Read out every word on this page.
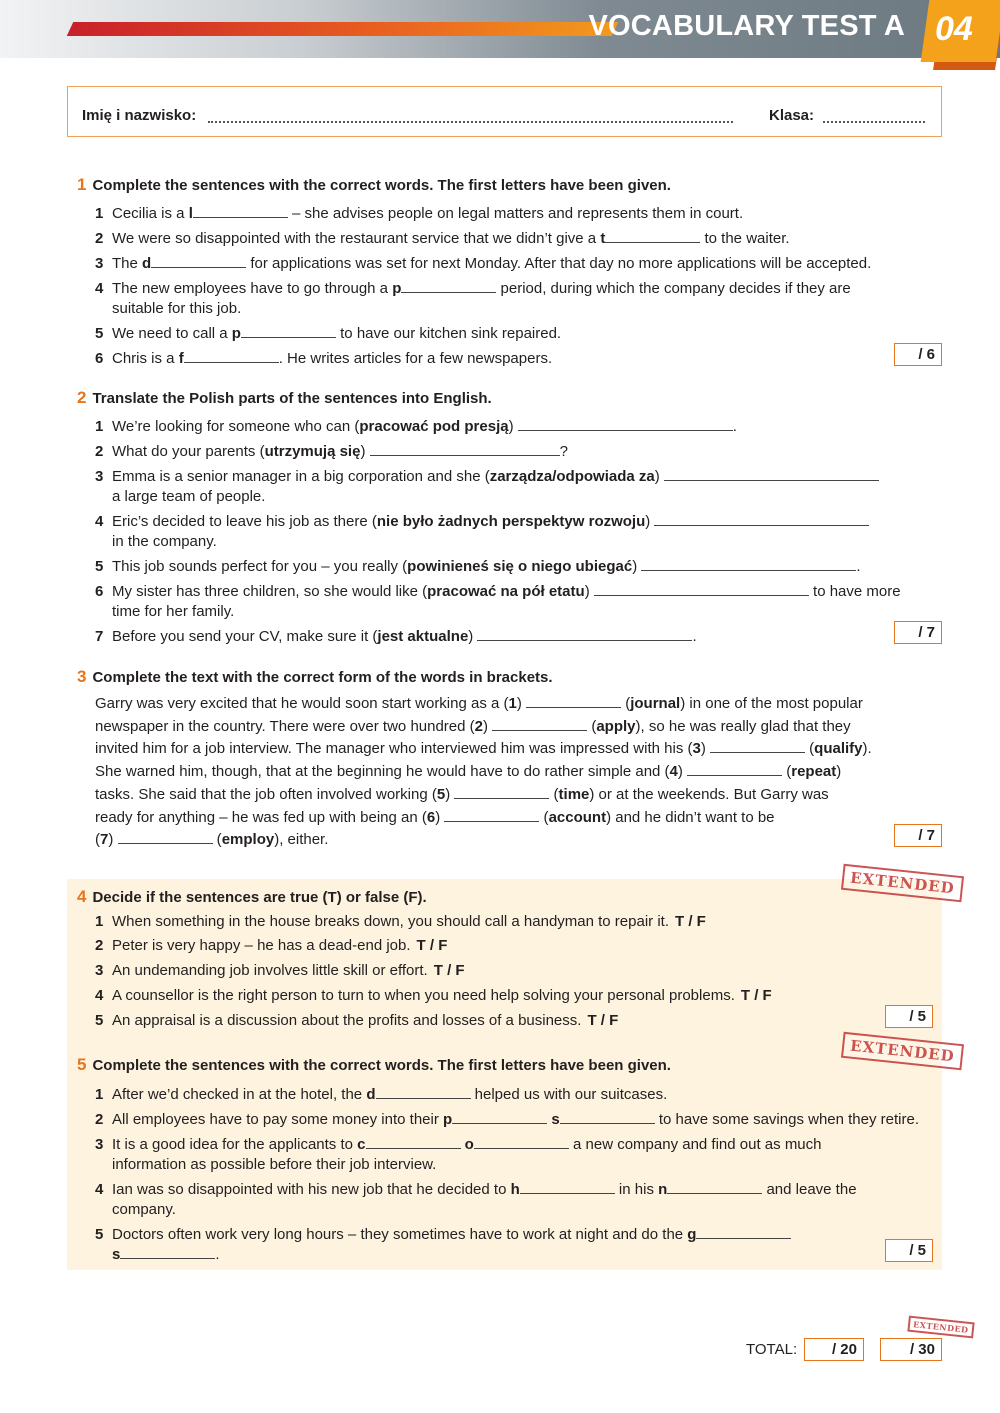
VOCABULARY TEST A 04
Imię i nazwisko:	Klasa:
1 Complete the sentences with the correct words. The first letters have been given.
1 Cecilia is a l	– she advises people on legal matters and represents them in court.
2 We were so disappointed with the restaurant service that we didn’t give a t	to the waiter.
3 The d	for applications was set for next Monday. After that day no more applications will be accepted.
4 The new employees have to go through a p	period, during which the company decides if they are
suitable for this job.
5 We need to call a p	to have our kitchen sink repaired.
6 Chris is a f	. He writes articles for a few newspapers.	/ 6
2 Translate the Polish parts of the sentences into English.
1 We’re looking for someone who can (pracować pod presją)	.
2 What do your parents (utrzymują się)	?
3 Emma is a senior manager in a big corporation and she (zarządza/odpowiada za)
a large team of people.
4 Eric’s decided to leave his job as there (nie było żadnych perspektyw rozwoju)
in the company.
5 This job sounds perfect for you – you really (powinieneś się o niego ubiegać)	.
6 My sister has three children, so she would like (pracować na pół etatu)	to have more
time for her family.
7 Before you send your CV, make sure it (jest aktualne)	.	/ 7
3 Complete the text with the correct form of the words in brackets.
Garry was very excited that he would soon start working as a (1)	(journal) in one of the most popular
newspaper in the country. There were over two hundred (2)	(apply), so he was really glad that they
invited him for a job interview. The manager who interviewed him was impressed with his (3)	(qualify).
She warned him, though, that at the beginning he would have to do rather simple and (4)	(repeat)
tasks. She said that the job often involved working (5)	(time) or at the weekends. But Garry was
ready for anything – he was fed up with being an (6)	(account) and he didn’t want to be
(7)	(employ), either.	/ 7
EXTENDED
4 Decide if the sentences are true (T) or false (F).
1 When something in the house breaks down, you should call a handyman to repair it. T / F
2 Peter is very happy – he has a dead-end job. T / F
3 An undemanding job involves little skill or effort. T / F
4 A counsellor is the right person to turn to when you need help solving your personal problems. T / F
5 An appraisal is a discussion about the profits and losses of a business. T / F	/ 5
EXTENDED
5 Complete the sentences with the correct words. The first letters have been given.
1 After we’d checked in at the hotel, the d	helped us with our suitcases.
2 All employees have to pay some money into their p	s	to have some savings when they retire.
3 It is a good idea for the applicants to c	o	a new company and find out as much
information as possible before their job interview.
4 Ian was so disappointed with his new job that he decided to h	in his n	and leave the
company.
5 Doctors often work very long hours – they sometimes have to work at night and do the g
s	.	/ 5
EXTENDED
TOTAL:	/ 20	/ 30
